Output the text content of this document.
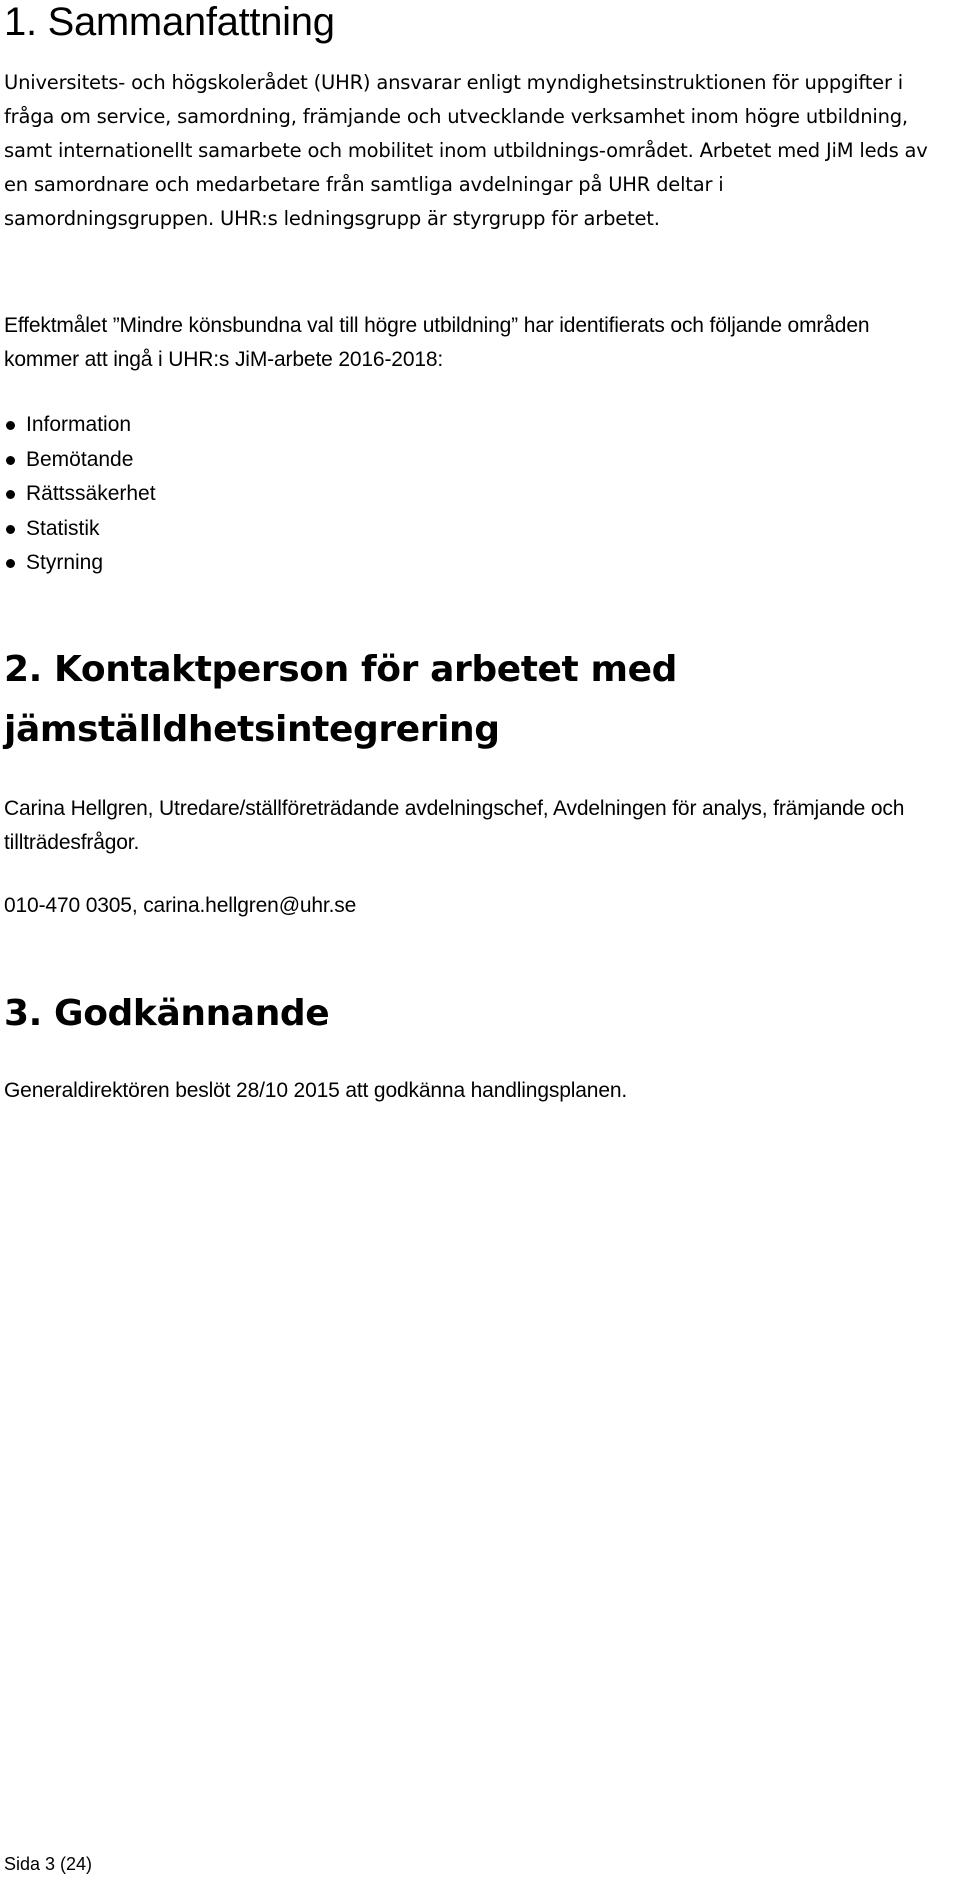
1. Sammanfattning

Universitets- och högskolerådet (UHR) ansvarar enligt myndighetsinstruktionen för uppgifter i fråga om service, samordning, främjande och utvecklande verksamhet inom högre utbildning, samt internationellt samarbete och mobilitet inom utbildnings-området. Arbetet med JiM leds av en samordnare och medarbetare från samtliga avdelningar på UHR deltar i samordningsgruppen. UHR:s ledningsgrupp är styrgrupp för arbetet.

Effektmålet ”Mindre könsbundna val till högre utbildning” har identifierats och följande områden kommer att ingå i UHR:s JiM-arbete 2016-2018:

Information
Bemötande
Rättssäkerhet
Statistik
Styrning
2. Kontaktperson för arbetet med jämställdhetsintegrering

Carina Hellgren, Utredare/ställföreträdande avdelningschef, Avdelningen för analys, främjande och tillträdesfrågor.

010-470 0305, carina.hellgren@uhr.se

3. Godkännande

Generaldirektören beslöt 28/10 2015 att godkänna handlingsplanen.

Sida 3 (24)
